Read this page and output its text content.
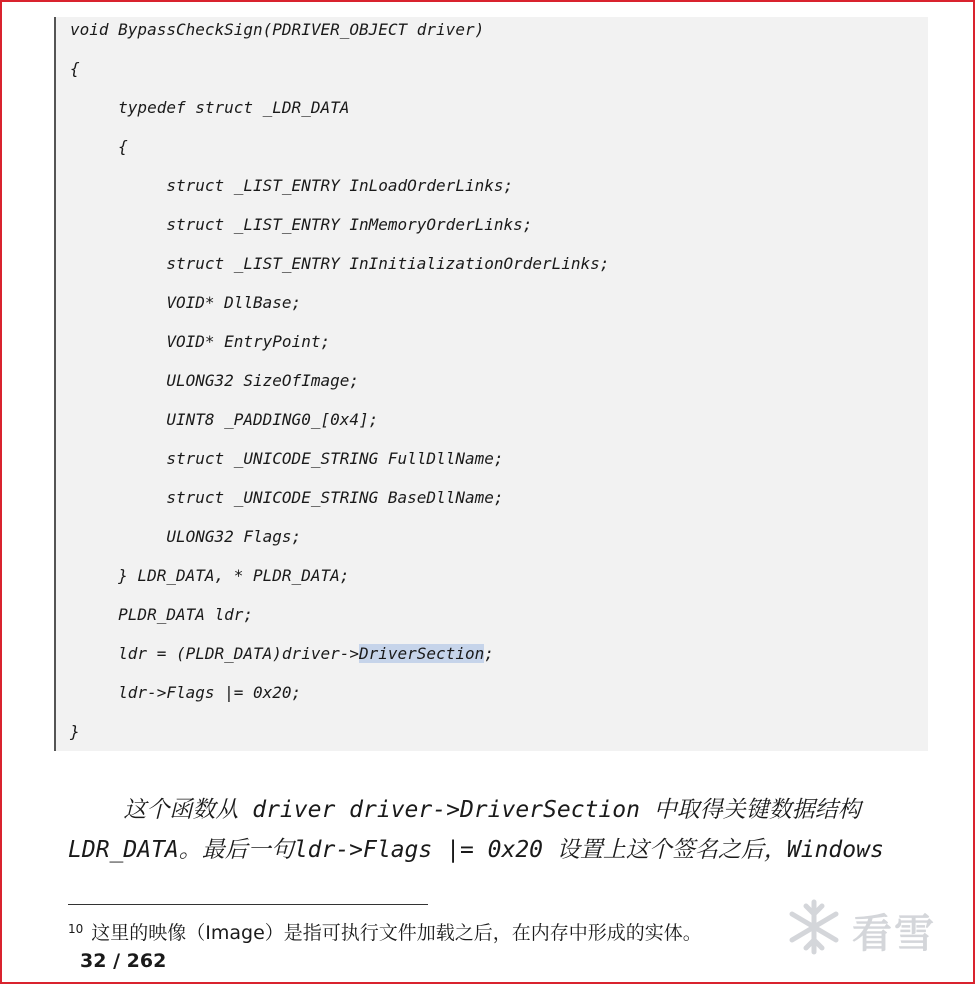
void BypassCheckSign(PDRIVER_OBJECT driver)
{
typedef struct _LDR_DATA
{
struct _LIST_ENTRY InLoadOrderLinks;
struct _LIST_ENTRY InMemoryOrderLinks;
struct _LIST_ENTRY InInitializationOrderLinks;
VOID* DllBase;
VOID* EntryPoint;
ULONG32 SizeOfImage;
UINT8 _PADDING0_[0x4];
struct _UNICODE_STRING FullDllName;
struct _UNICODE_STRING BaseDllName;
ULONG32 Flags;
} LDR_DATA, * PLDR_DATA;
PLDR_DATA ldr;
ldr = (PLDR_DATA)driver->DriverSection;
ldr->Flags |= 0x20;
}
这个函数从 driver driver->DriverSection 中取得关键数据结构
LDR_DATA。最后一句ldr->Flags |= 0x20 设置上这个签名之后，Windows
$^{10}$ 这里的映像（Image）是指可执行文件加载之后，在内存中形成的实体。
32 / 262
看雪
